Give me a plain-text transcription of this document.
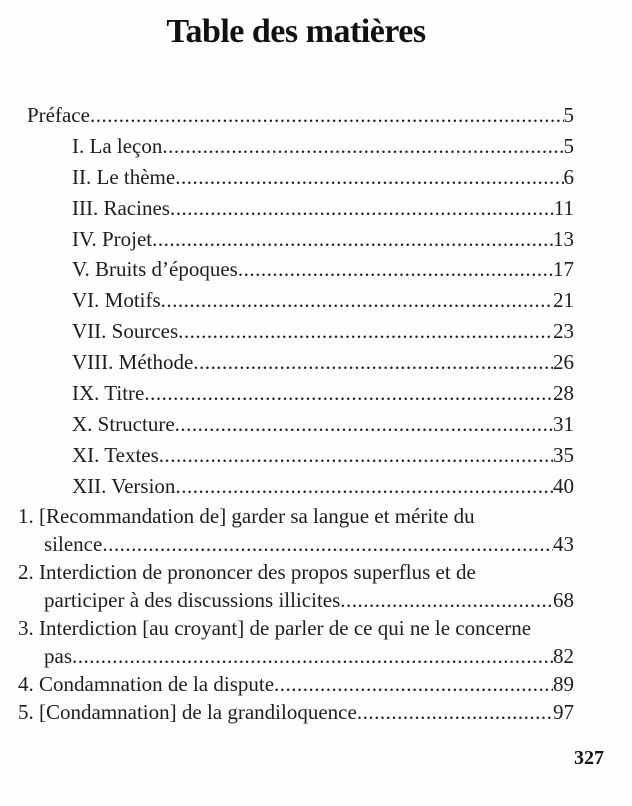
Table des matières
Préface .....	5
I. La leçon .....	5
II. Le thème .....	6
III. Racines .....	11
IV. Projet .....	13
V. Bruits d’époques .....	17
VI. Motifs .....	21
VII. Sources .....	23
VIII. Méthode .....	26
IX. Titre .....	28
X. Structure .....	31
XI. Textes .....	35
XII. Version .....	40
1. [Recommandation de] garder sa langue et mérite du
silence .....	43
2. Interdiction de prononcer des propos superflus et de
participer à des discussions illicites .....	68
3. Interdiction [au croyant] de parler de ce qui ne le concerne
pas .....	82
4. Condamnation de la dispute .....	89
5. [Condamnation] de la grandiloquence .....	97
327
